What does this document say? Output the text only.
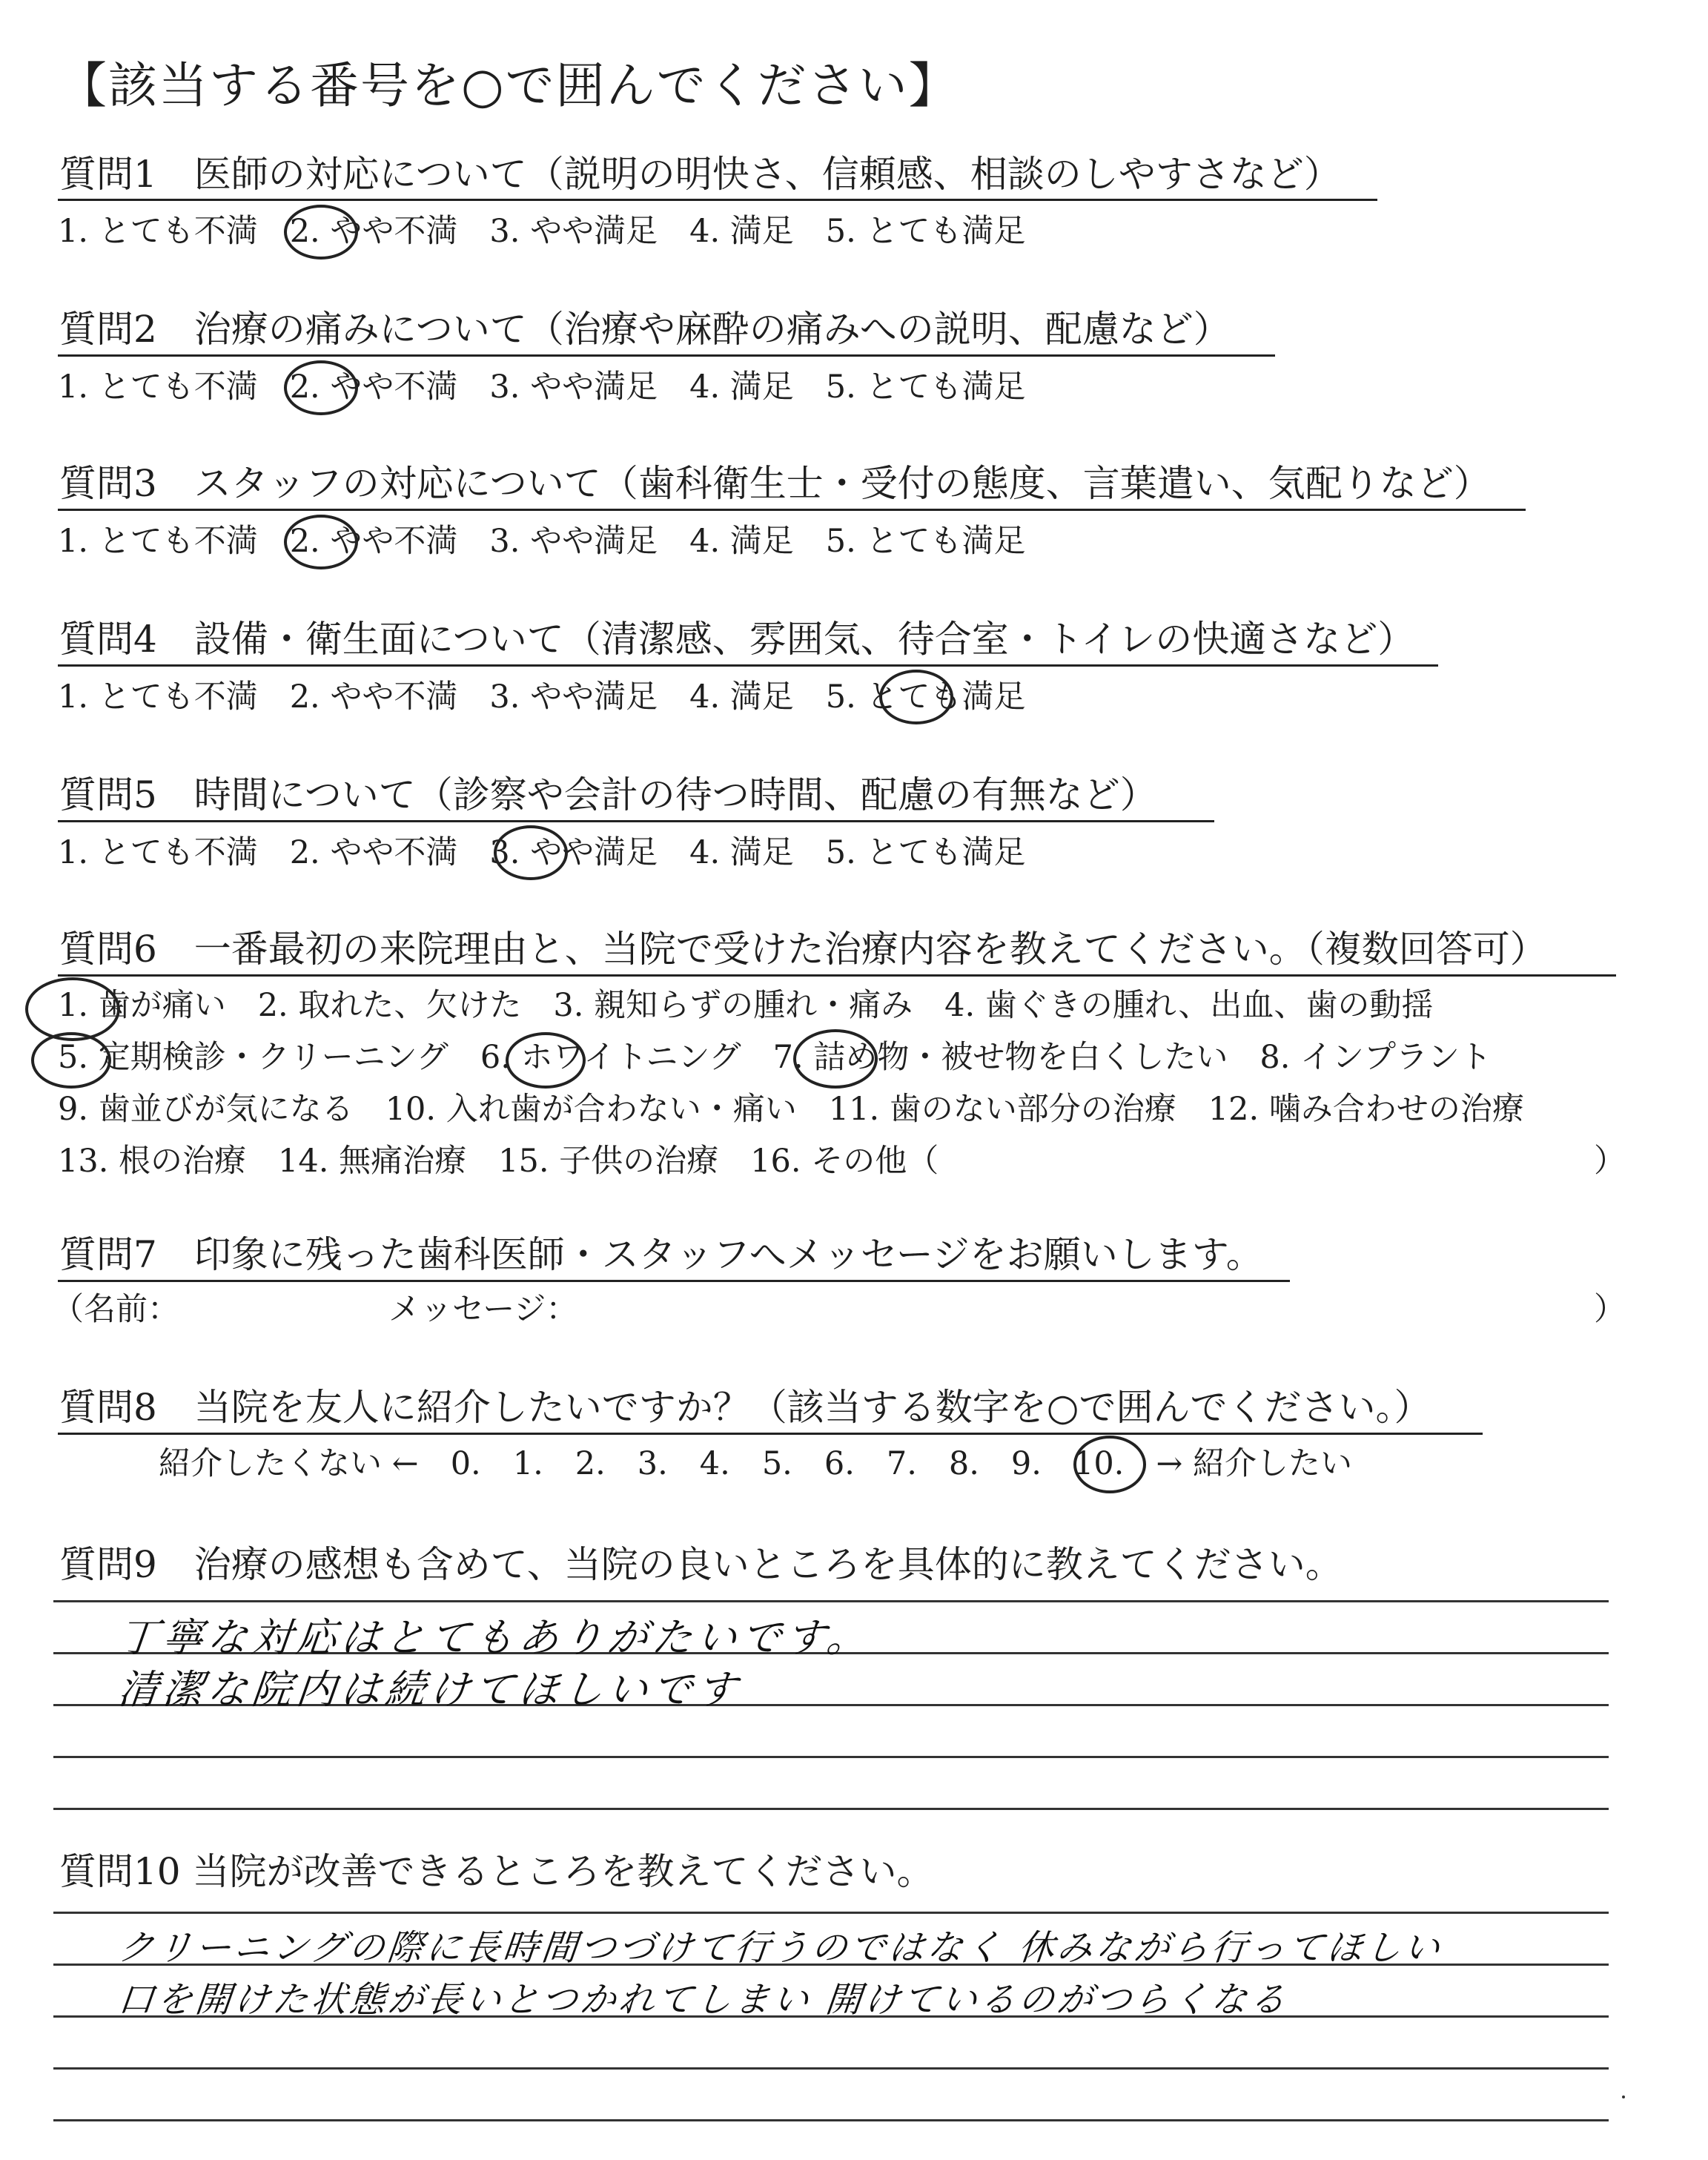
【該当する番号を○で囲んでください】
質問1　医師の対応について（説明の明快さ、信頼感、相談のしやすさなど）
1. とても不満　2. やや不満　3. やや満足　4. 満足　5. とても満足
質問2　治療の痛みについて（治療や麻酔の痛みへの説明、配慮など）
1. とても不満　2. やや不満　3. やや満足　4. 満足　5. とても満足
質問3　スタッフの対応について（歯科衛生士・受付の態度、言葉遣い、気配りなど）
1. とても不満　2. やや不満　3. やや満足　4. 満足　5. とても満足
質問4　設備・衛生面について（清潔感、雰囲気、待合室・トイレの快適さなど）
1. とても不満　2. やや不満　3. やや満足　4. 満足　5. とても満足
質問5　時間について（診察や会計の待つ時間、配慮の有無など）
1. とても不満　2. やや不満　3. やや満足　4. 満足　5. とても満足
質問6　一番最初の来院理由と、当院で受けた治療内容を教えてください。（複数回答可）
1. 歯が痛い　2. 取れた、欠けた　3. 親知らずの腫れ・痛み　4. 歯ぐきの腫れ、出血、歯の動揺
5. 定期検診・クリーニング　6. ホワイトニング　7. 詰め物・被せ物を白くしたい　8. インプラント
9. 歯並びが気になる　10. 入れ歯が合わない・痛い　11. 歯のない部分の治療　12. 噛み合わせの治療
13. 根の治療　14. 無痛治療　15. 子供の治療　16. その他（	）
質問7　印象に残った歯科医師・スタッフへメッセージをお願いします。
（名前：	メッセージ：	）
質問8　当院を友人に紹介したいですか？（該当する数字を○で囲んでください。）
紹介したくない ←　0.　1.　2.　3.　4.　5.　6.　7.　8.　9.　10.　→ 紹介したい
質問9　治療の感想も含めて、当院の良いところを具体的に教えてください。
丁寧な対応はとてもありがたいです。
清潔な院内は続けてほしいです
質問10 当院が改善できるところを教えてください。
クリーニングの際に長時間つづけて行うのではなく 休みながら行ってほしい
口を開けた状態が長いとつかれてしまい 開けているのがつらくなる
